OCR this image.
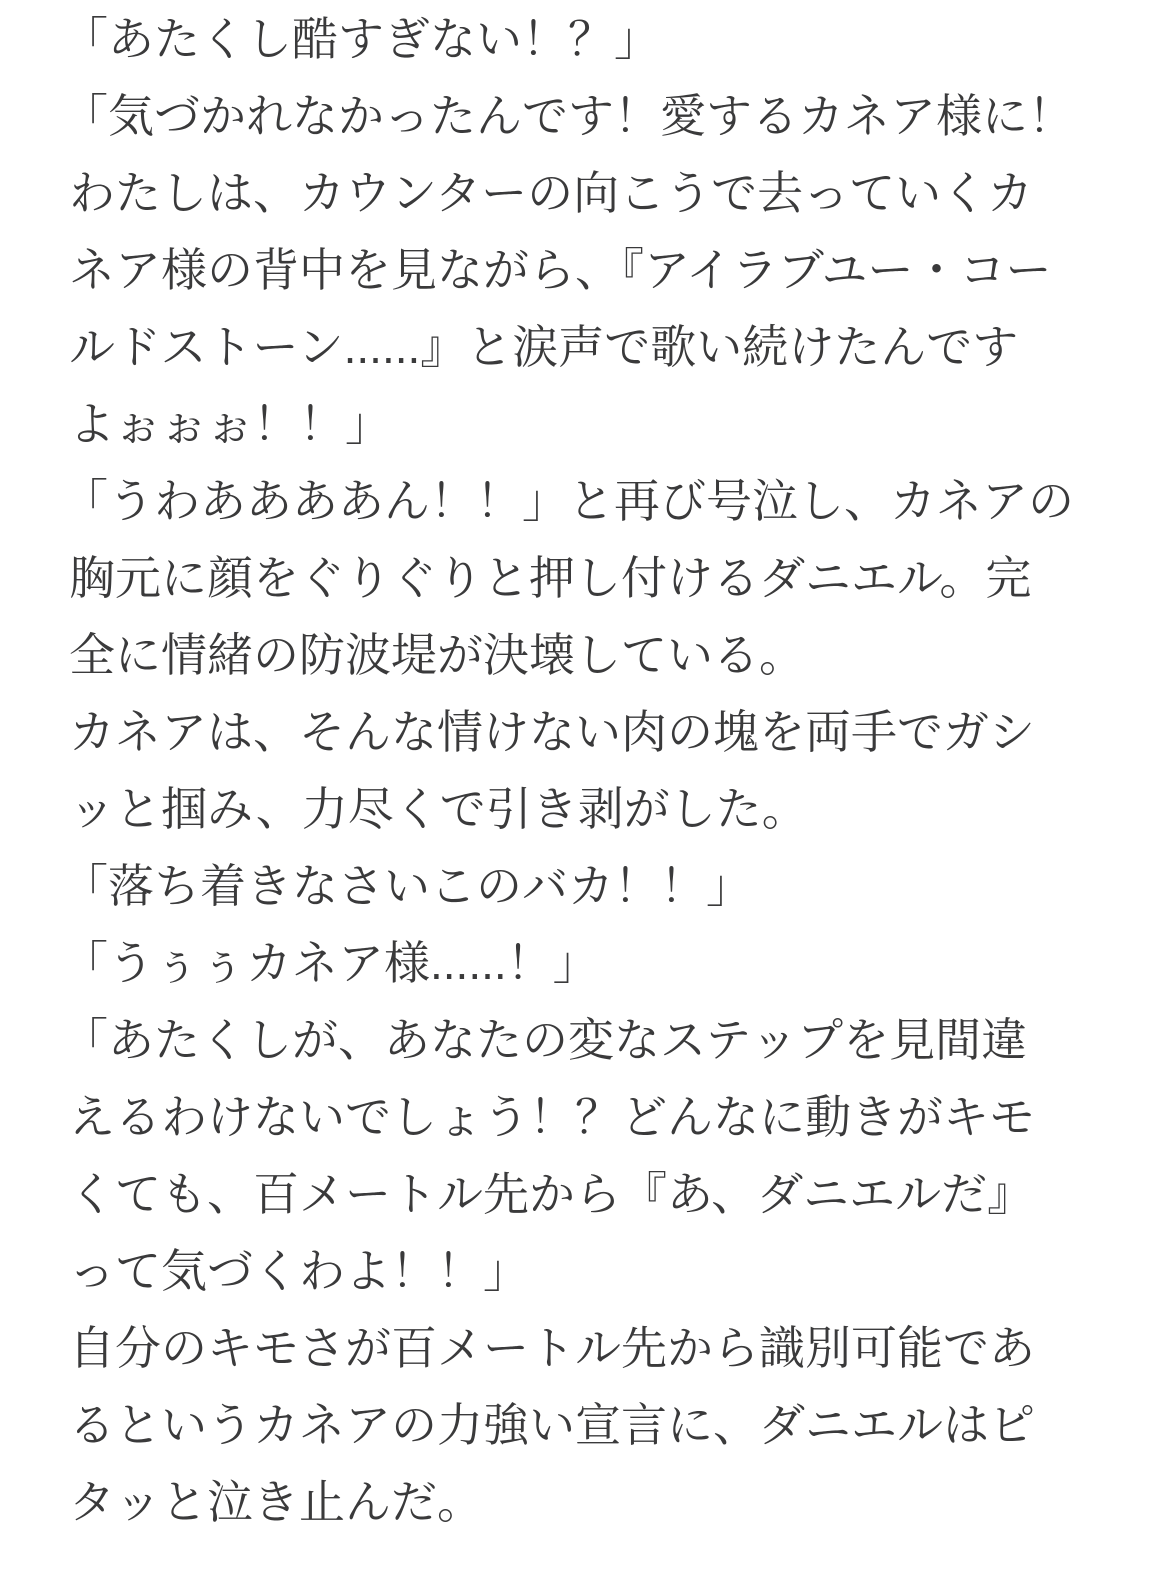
「あたくし酷すぎない！？」
「気づかれなかったんです！愛するカネア様に！
わたしは、カウンターの向こうで去っていくカ
ネア様の背中を見ながら、『アイラブユー・コー
ルドストーン......』と涙声で歌い続けたんです
よぉぉぉ！！」
「うわああああん！！」と再び号泣し、カネアの
胸元に顔をぐりぐりと押し付けるダニエル。完
全に情緒の防波堤が決壊している。
カネアは、そんな情けない肉の塊を両手でガシ
ッと掴み、力尽くで引き剥がした。
「落ち着きなさいこのバカ！！」
「うぅぅカネア様......！」
「あたくしが、あなたの変なステップを見間違
えるわけないでしょう！？どんなに動きがキモ
くても、百メートル先から『あ、ダニエルだ』
って気づくわよ！！」
自分のキモさが百メートル先から識別可能であ
るというカネアの力強い宣言に、ダニエルはピ
タッと泣き止んだ。
